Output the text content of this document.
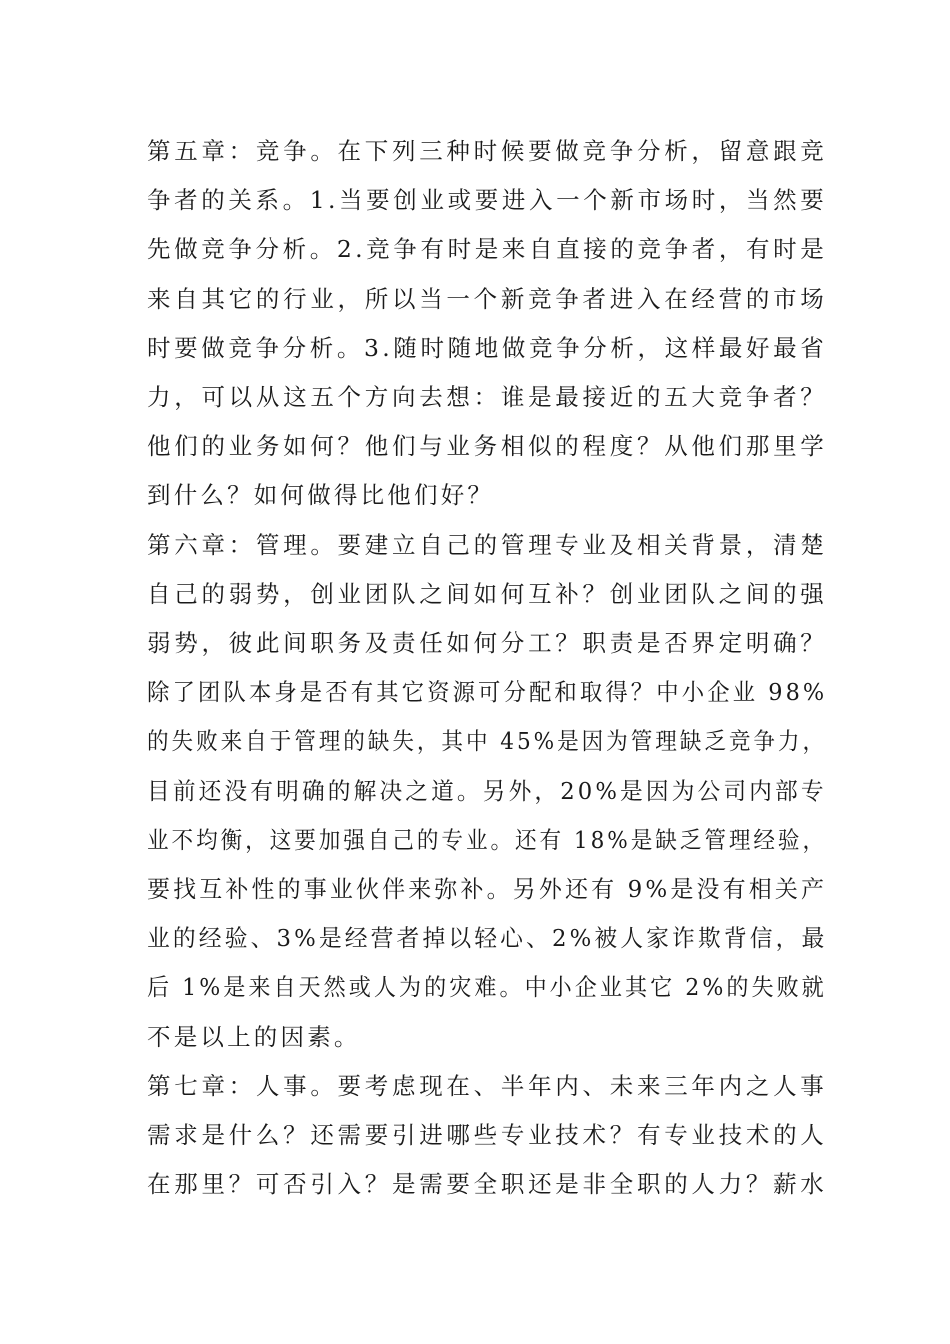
第五章：竞争。在下列三种时候要做竞争分析，留意跟竞
争者的关系。1.当要创业或要进入一个新市场时，当然要
先做竞争分析。2.竞争有时是来自直接的竞争者，有时是
来自其它的行业，所以当一个新竞争者进入在经营的市场
时要做竞争分析。3.随时随地做竞争分析，这样最好最省
力，可以从这五个方向去想：谁是最接近的五大竞争者？
他们的业务如何？他们与业务相似的程度？从他们那里学
到什么？如何做得比他们好？

第六章：管理。要建立自己的管理专业及相关背景，清楚
自己的弱势，创业团队之间如何互补？创业团队之间的强
弱势，彼此间职务及责任如何分工？职责是否界定明确？
除了团队本身是否有其它资源可分配和取得？中小企业 98% 的失败来自于管理的缺失，其中 45%是因为管理缺乏竞争力， 目前还没有明确的解决之道。另外，20%是因为公司内部专 业不均衡，这要加强自己的专业。还有 18%是缺乏管理经验， 要找互补性的事业伙伴来弥补。另外还有 9%是没有相关产 业的经验、3%是经营者掉以轻心、2%被人家诈欺背信，最 后 1%是来自天然或人为的灾难。中小企业其它 2%的失败就
不是以上的因素。

第七章：人事。要考虑现在、半年内、未来三年内之人事
需求是什么？还需要引进哪些专业技术？有专业技术的人
在那里？可否引入？是需要全职还是非全职的人力？薪水
